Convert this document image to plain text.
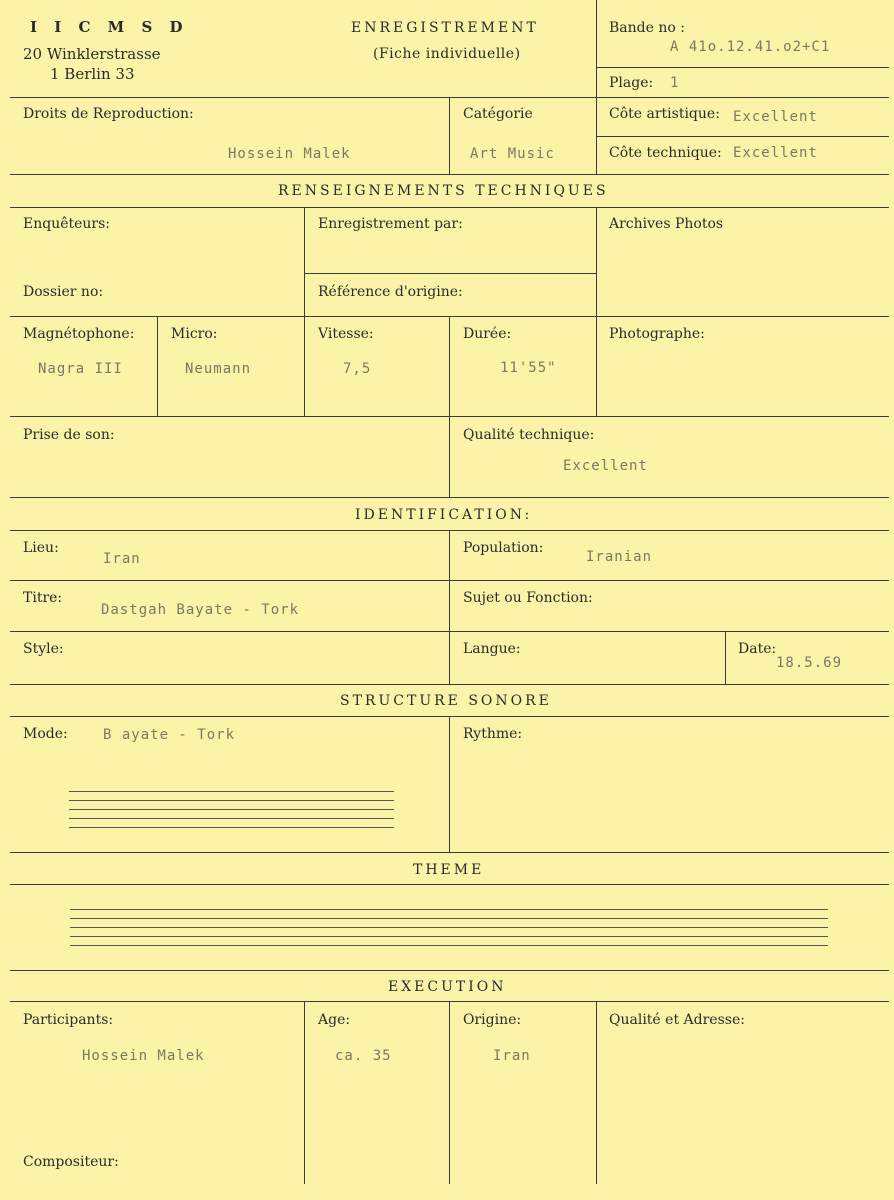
I I C M S D
20 Winklerstrasse
1 Berlin 33
ENREGISTREMENT
(Fiche individuelle)
Bande no :
A 41o.12.41.o2+C1
Plage: 1
Droits de Reproduction:
Hossein Malek
Catégorie
Art Music
Côte artistique: Excellent
Côte technique: Excellent
RENSEIGNEMENTS TECHNIQUES
Enquêteurs:	Enregistrement par:	Archives Photos
Dossier no:	Référence d'origine:
Magnétophone:
Nagra III
Micro:
Neumann
Vitesse:
7,5
Durée:
11'55"
Photographe:
Prise de son:	Qualité technique:
Excellent
IDENTIFICATION:
Lieu:
Iran
Population:
Iranian
Titre:
Dastgah Bayate - Tork
Sujet ou Fonction:
Style:	Langue:	Date:
18.5.69
STRUCTURE SONORE
Mode:	B ayate - Tork	Rythme:
THEME
EXECUTION
Participants:
Hossein Malek
Age:
ca. 35
Origine:
Iran
Qualité et Adresse:
Compositeur:
